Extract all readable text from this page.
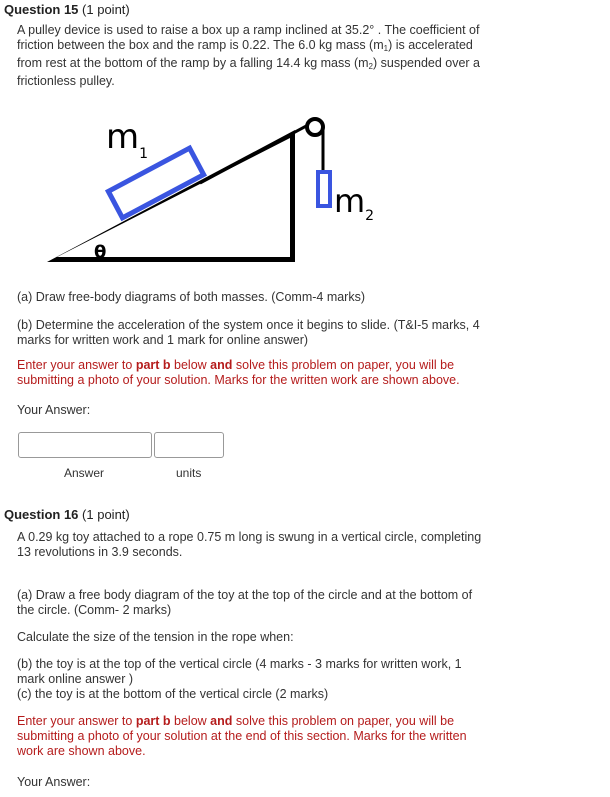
Question 15 (1 point)
A pulley device is used to raise a box up a ramp inclined at 35.2° . The coefficient of
friction between the box and the ramp is 0.22. The 6.0 kg mass $(m_1)$ is accelerated
from rest at the bottom of the ramp by a falling 14.4 kg mass $(m_2)$ suspended over a
frictionless pulley.
$m_1$
$m_2$
θ
(a) Draw free-body diagrams of both masses. (Comm-4 marks)
(b) Determine the acceleration of the system once it begins to slide. (T&I-5 marks, 4
marks for written work and 1 mark for online answer)
Enter your answer to part b below and solve this problem on paper, you will be
submitting a photo of your solution. Marks for the written work are shown above.
Your Answer:
Answer	units
Question 16 (1 point)
A 0.29 kg toy attached to a rope 0.75 m long is swung in a vertical circle, completing
13 revolutions in 3.9 seconds.
(a) Draw a free body diagram of the toy at the top of the circle and at the bottom of
the circle. (Comm- 2 marks)
Calculate the size of the tension in the rope when:
(b) the toy is at the top of the vertical circle (4 marks - 3 marks for written work, 1
mark online answer )
(c) the toy is at the bottom of the vertical circle (2 marks)
Enter your answer to part b below and solve this problem on paper, you will be
submitting a photo of your solution at the end of this section. Marks for the written
work are shown above.
Your Answer:
